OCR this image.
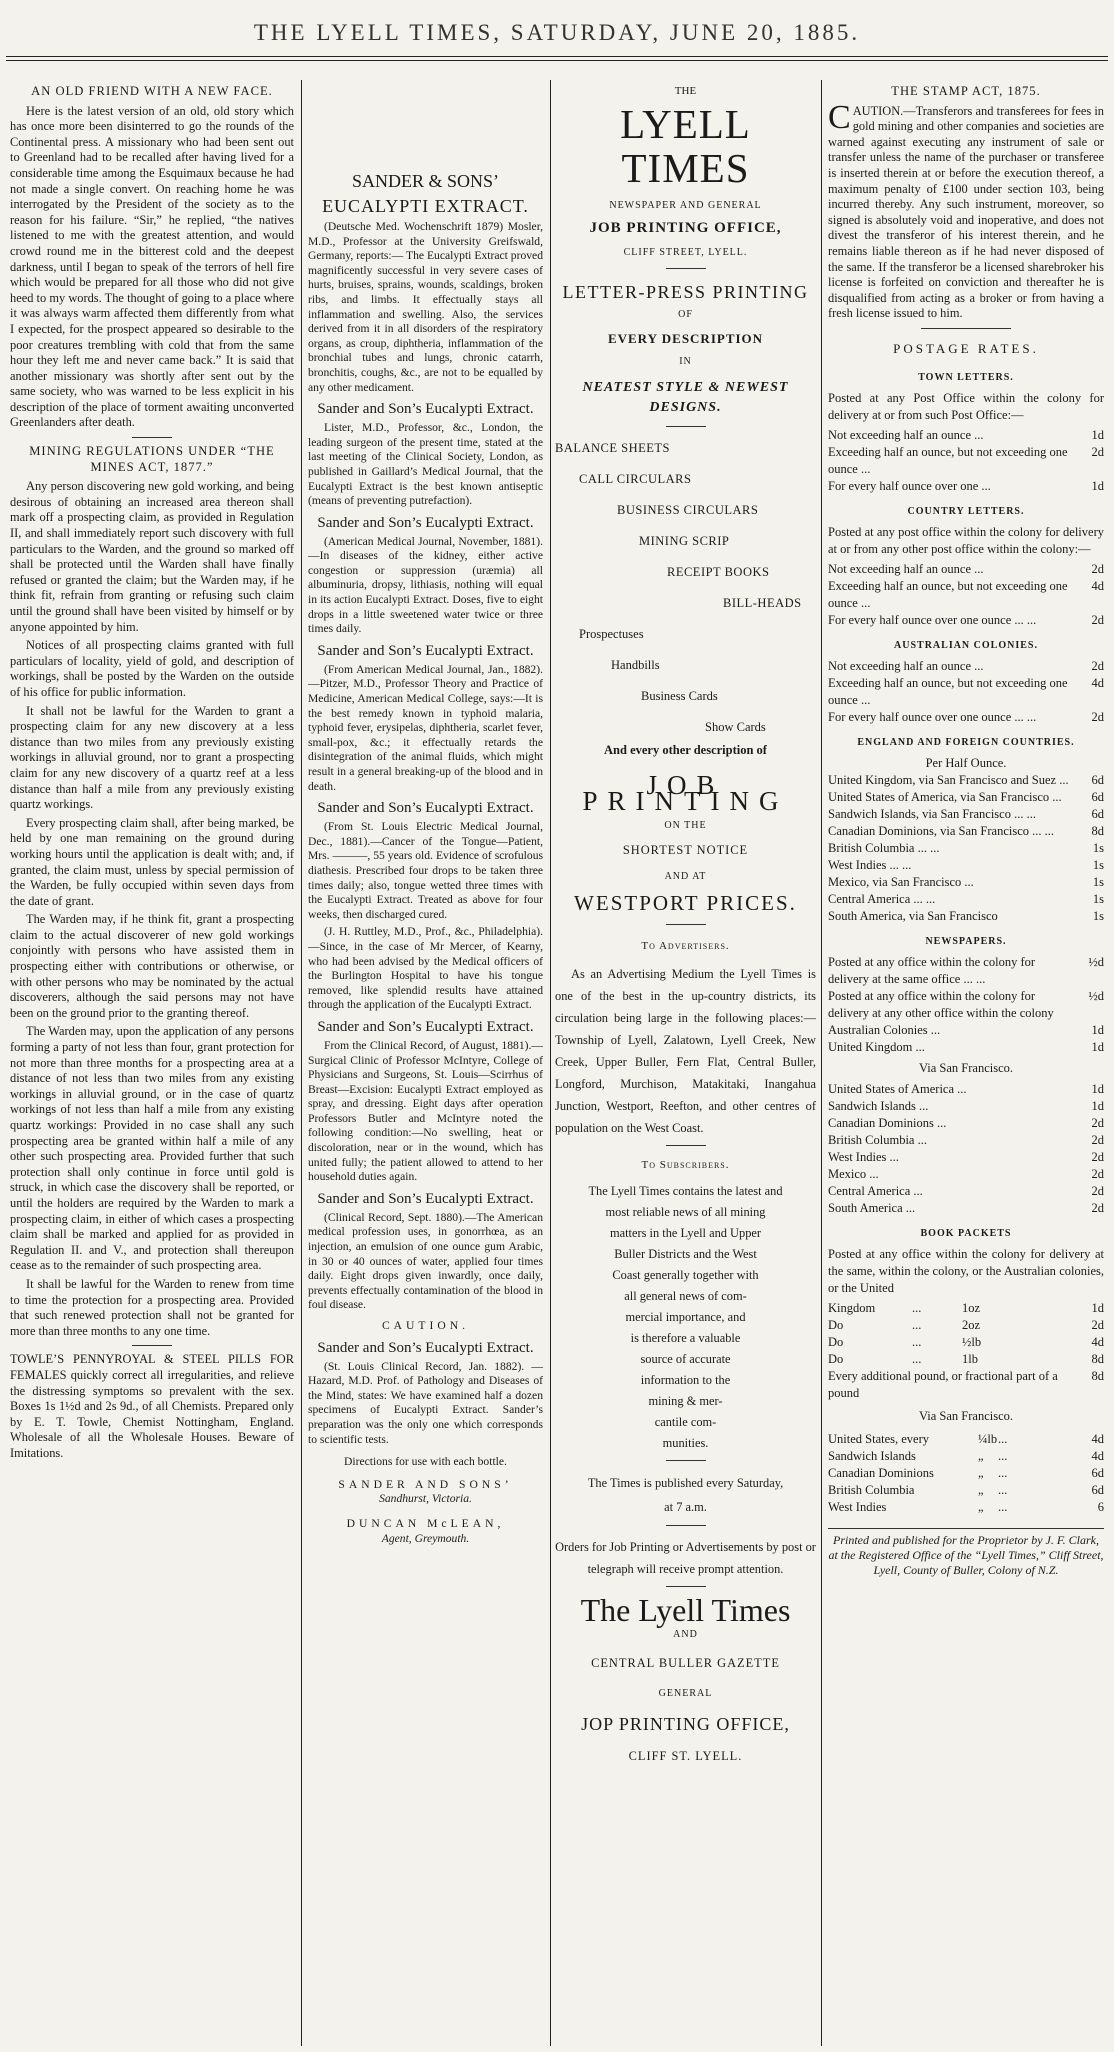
THE LYELL TIMES, SATURDAY, JUNE 20, 1885.
AN OLD FRIEND WITH A NEW FACE.

Here is the latest version of an old, old story which has once more been disinterred to go the rounds of the Continental press. A missionary who had been sent out to Greenland had to be recalled after having lived for a considerable time among the Esquimaux because he had not made a single convert. On reaching home he was interrogated by the President of the society as to the reason for his failure. “Sir,” he replied, “the natives listened to me with the greatest attention, and would crowd round me in the bitterest cold and the deepest darkness, until I began to speak of the terrors of hell fire which would be prepared for all those who did not give heed to my words. The thought of going to a place where it was always warm affected them differently from what I expected, for the prospect appeared so desirable to the poor creatures trembling with cold that from the same hour they left me and never came back.” It is said that another missionary was shortly after sent out by the same society, who was warned to be less explicit in his description of the place of torment awaiting unconverted Greenlanders after death.

MINING REGULATIONS UNDER “THE MINES ACT, 1877.”

Any person discovering new gold working, and being desirous of obtaining an increased area thereon shall mark off a prospecting claim, as provided in Regulation II, and shall immediately report such discovery with full particulars to the Warden, and the ground so marked off shall be protected until the Warden shall have finally refused or granted the claim; but the Warden may, if he think fit, refrain from granting or refusing such claim until the ground shall have been visited by himself or by anyone appointed by him.

Notices of all prospecting claims granted with full particulars of locality, yield of gold, and description of workings, shall be posted by the Warden on the outside of his office for public information.

It shall not be lawful for the Warden to grant a prospecting claim for any new discovery at a less distance than two miles from any previously existing workings in alluvial ground, nor to grant a prospecting claim for any new discovery of a quartz reef at a less distance than half a mile from any previously existing quartz workings.

Every prospecting claim shall, after being marked, be held by one man remaining on the ground during working hours until the application is dealt with; and, if granted, the claim must, unless by special permission of the Warden, be fully occupied within seven days from the date of grant.

The Warden may, if he think fit, grant a prospecting claim to the actual discoverer of new gold workings conjointly with persons who have assisted them in prospecting either with contributions or otherwise, or with other persons who may be nominated by the actual discoverers, although the said persons may not have been on the ground prior to the granting thereof.

The Warden may, upon the application of any persons forming a party of not less than four, grant protection for not more than three months for a prospecting area at a distance of not less than two miles from any existing workings in alluvial ground, or in the case of quartz workings of not less than half a mile from any existing quartz workings: Provided in no case shall any such prospecting area be granted within half a mile of any other such prospecting area. Provided further that such protection shall only continue in force until gold is struck, in which case the discovery shall be reported, or until the holders are required by the Warden to mark a prospecting claim, in either of which cases a prospecting claim shall be marked and applied for as provided in Regulation II. and V., and protection shall thereupon cease as to the remainder of such prospecting area.

It shall be lawful for the Warden to renew from time to time the protection for a prospecting area. Provided that such renewed protection shall not be granted for more than three months to any one time.

TOWLE’S PENNYROYAL & STEEL PILLS FOR FEMALES quickly correct all irregularities, and relieve the distressing symptoms so prevalent with the sex. Boxes 1s 1½d and 2s 9d., of all Chemists. Prepared only by E. T. Towle, Chemist Nottingham, England. Wholesale of all the Wholesale Houses. Beware of Imitations.

SANDER & SONS’
EUCALYPTI EXTRACT.

(Deutsche Med. Wochenschrift 1879) Mosler, M.D., Professor at the University Greifswald, Germany, reports:— The Eucalypti Extract proved magnificently successful in very severe cases of hurts, bruises, sprains, wounds, scaldings, broken ribs, and limbs. It effectually stays all inflammation and swelling. Also, the services derived from it in all disorders of the respiratory organs, as croup, diphtheria, inflammation of the bronchial tubes and lungs, chronic catarrh, bronchitis, coughs, &c., are not to be equalled by any other medicament.

Sander and Son’s Eucalypti Extract.

Lister, M.D., Professor, &c., London, the leading surgeon of the present time, stated at the last meeting of the Clinical Society, London, as published in Gaillard’s Medical Journal, that the Eucalypti Extract is the best known antiseptic (means of preventing putrefaction).

Sander and Son’s Eucalypti Extract.

(American Medical Journal, November, 1881).—In diseases of the kidney, either active congestion or suppression (uræmia) all albuminuria, dropsy, lithiasis, nothing will equal in its action Eucalypti Extract. Doses, five to eight drops in a little sweetened water twice or three times daily.

Sander and Son’s Eucalypti Extract.

(From American Medical Journal, Jan., 1882).—Pitzer, M.D., Professor Theory and Practice of Medicine, American Medical College, says:—It is the best remedy known in typhoid malaria, typhoid fever, erysipelas, diphtheria, scarlet fever, small-pox, &c.; it effectually retards the disintegration of the animal fluids, which might result in a general breaking-up of the blood and in death.

Sander and Son’s Eucalypti Extract.

(From St. Louis Electric Medical Journal, Dec., 1881).—Cancer of the Tongue—Patient, Mrs. ———, 55 years old. Evidence of scrofulous diathesis. Prescribed four drops to be taken three times daily; also, tongue wetted three times with the Eucalypti Extract. Treated as above for four weeks, then discharged cured.

(J. H. Ruttley, M.D., Prof., &c., Philadelphia).—Since, in the case of Mr Mercer, of Kearny, who had been advised by the Medical officers of the Burlington Hospital to have his tongue removed, like splendid results have attained through the application of the Eucalypti Extract.

Sander and Son’s Eucalypti Extract.

From the Clinical Record, of August, 1881).—Surgical Clinic of Professor McIntyre, College of Physicians and Surgeons, St. Louis—Scirrhus of Breast—Excision: Eucalypti Extract employed as spray, and dressing. Eight days after operation Professors Butler and McIntyre noted the following condition:—No swelling, heat or discoloration, near or in the wound, which has united fully; the patient allowed to attend to her household duties again.

Sander and Son’s Eucalypti Extract.

(Clinical Record, Sept. 1880).—The American medical profession uses, in gonorrhœa, as an injection, an emulsion of one ounce gum Arabic, in 30 or 40 ounces of water, applied four times daily. Eight drops given inwardly, once daily, prevents effectually contamination of the blood in foul disease.

CAUTION.
Sander and Son’s Eucalypti Extract.

(St. Louis Clinical Record, Jan. 1882). —Hazard, M.D. Prof. of Pathology and Diseases of the Mind, states: We have examined half a dozen specimens of Eucalypti Extract. Sander’s preparation was the only one which corresponds to scientific tests.

Directions for use with each bottle.
SANDER AND SONS’
Sandhurst, Victoria.
DUNCAN McLEAN,
Agent, Greymouth.
THE
LYELL TIMES
NEWSPAPER AND GENERAL
JOB PRINTING OFFICE,
CLIFF STREET, LYELL.
LETTER-PRESS PRINTING
OF
EVERY DESCRIPTION
IN
NEATEST STYLE & NEWEST
DESIGNS.
BALANCE SHEETS
CALL CIRCULARS
BUSINESS CIRCULARS
MINING SCRIP
RECEIPT BOOKS
BILL-HEADS
Prospectuses
Handbills
Business Cards
Show Cards
And every other description of
JOB PRINTING
ON THE
SHORTEST NOTICE
AND AT
WESTPORT PRICES.
To Advertisers.

As an Advertising Medium the Lyell Times is one of the best in the up-country districts, its circulation being large in the following places:—Township of Lyell, Zalatown, Lyell Creek, New Creek, Upper Buller, Fern Flat, Central Buller, Longford, Murchison, Matakitaki, Inangahua Junction, Westport, Reefton, and other centres of population on the West Coast.

To Subscribers.
The Lyell Times contains the latest and
most reliable news of all mining
matters in the Lyell and Upper
Buller Districts and the West
Coast generally together with
all general news of com-
mercial importance, and
is therefore a valuable
source of accurate
information to the
mining & mer-
cantile com-
munities.
The Times is published every Saturday,
at 7 a.m.
Orders for Job Printing or Advertisements by post or telegraph will receive prompt attention.
The Lyell Times
AND
CENTRAL BULLER GAZETTE
GENERAL
JOP PRINTING OFFICE,
CLIFF ST. LYELL.
THE STAMP ACT, 1875.

CAUTION.—Transferors and transferees for fees in gold mining and other companies and societies are warned against executing any instrument of sale or transfer unless the name of the purchaser or transferee is inserted therein at or before the execution thereof, a maximum penalty of £100 under section 103, being incurred thereby. Any such instrument, moreover, so signed is absolutely void and inoperative, and does not divest the transferor of his interest therein, and he remains liable thereon as if he had never disposed of the same. If the transferor be a licensed sharebroker his license is forfeited on conviction and thereafter he is disqualified from acting as a broker or from having a fresh license issued to him.

POSTAGE RATES.
TOWN LETTERS.

Posted at any Post Office within the colony for delivery at or from such Post Office:—

Not exceeding half an ounce ...	1d
Exceeding half an ounce, but not exceeding one ounce ...
2d
For every half ounce over one ...	1d
COUNTRY LETTERS.

Posted at any post office within the colony for delivery at or from any other post office within the colony:—

Not exceeding half an ounce ...	2d
Exceeding half an ounce, but not exceeding one ounce ...
4d
For every half ounce over one ounce ... ...	2d
AUSTRALIAN COLONIES.
Not exceeding half an ounce ...	2d
Exceeding half an ounce, but not exceeding one ounce ...
4d
For every half ounce over one ounce ... ...	2d
ENGLAND AND FOREIGN COUNTRIES.
Per Half Ounce.
United Kingdom, via San Francisco and Suez ...	6d
United States of America, via San Francisco ...	6d
Sandwich Islands, via San Francisco ... ...	6d
Canadian Dominions, via San Francisco ... ...	8d
British Columbia ... ...	1s
West Indies ... ...	1s
Mexico, via San Francisco ...	1s
Central America ... ...	1s
South America, via San Francisco	1s
NEWSPAPERS.
Posted at any office within the colony for delivery at the same office ... ...
½d
Posted at any office within the colony for delivery at any other office within the colony
½d
Australian Colonies ...	1d
United Kingdom ...	1d
Via San Francisco.
United States of America ...	1d
Sandwich Islands ...	1d
Canadian Dominions ...	2d
British Columbia ...	2d
West Indies ...	2d
Mexico ...	2d
Central America ...	2d
South America ...	2d
BOOK PACKETS

Posted at any office within the colony for delivery at the same, within the colony, or the Australian colonies, or the United

Kingdom	...	1oz	1d
Do	...	2oz	2d
Do	...	½lb	4d
Do	...	1lb	8d
Every additional pound, or fractional part of a pound
8d
Via San Francisco.
United States, every	¼lb ...	4d
Sandwich Islands	„	...	4d
Canadian Dominions	„	...	6d
British Columbia	„	...	6d
West Indies	„	...	6
Printed and published for the Proprietor by J. F. Clark, at the Registered Office of the “Lyell Times,” Cliff Street, Lyell, County of Buller, Colony of N.Z.
